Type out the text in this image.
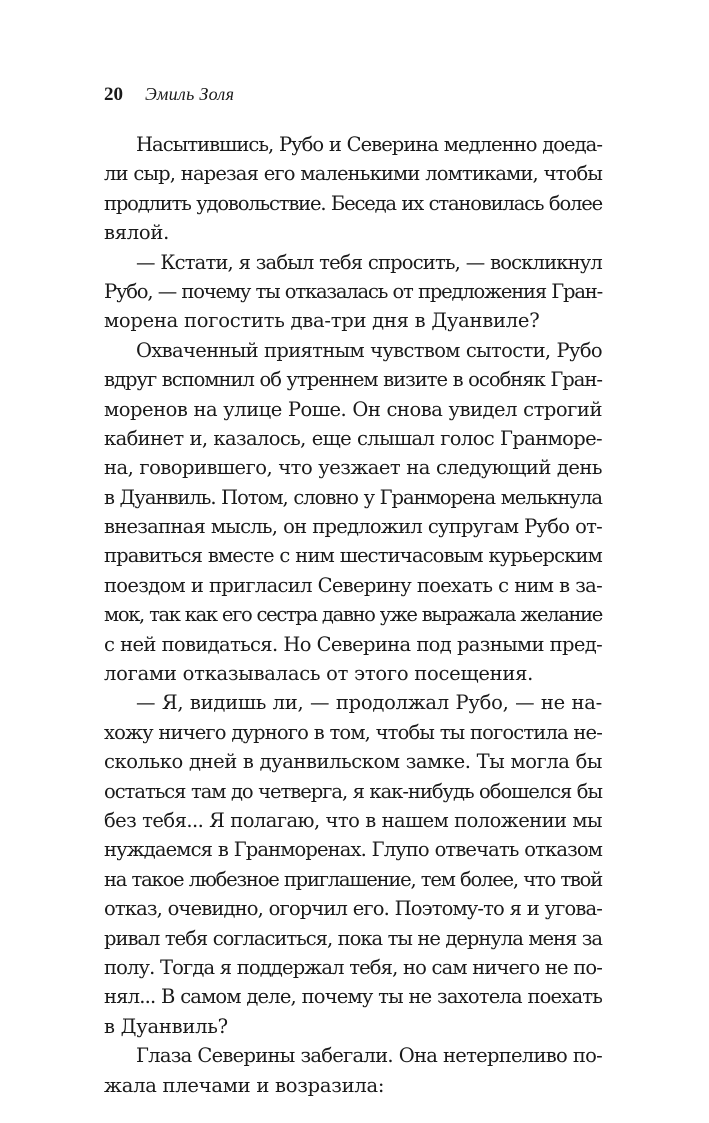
20 Эмиль Золя
Насытившись, Рубо и Северина медленно доеда-
ли сыр, нарезая его маленькими ломтиками, чтобы
продлить удовольствие. Беседа их становилась более
вялой.
— Кстати, я забыл тебя спросить, — воскликнул
Рубо, — почему ты отказалась от предложения Гран-
морена погостить два-три дня в Дуанвиле?
Охваченный приятным чувством сытости, Рубо
вдруг вспомнил об утреннем визите в особняк Гран-
моренов на улице Роше. Он снова увидел строгий
кабинет и, казалось, еще слышал голос Гранморе-
на, говорившего, что уезжает на следующий день
в Дуанвиль. Потом, словно у Гранморена мелькнула
внезапная мысль, он предложил супругам Рубо от-
правиться вместе с ним шестичасовым курьерским
поездом и пригласил Северину поехать с ним в за-
мок, так как его сестра давно уже выражала желание
с ней повидаться. Но Северина под разными пред-
логами отказывалась от этого посещения.
— Я, видишь ли, — продолжал Рубо, — не на-
хожу ничего дурного в том, чтобы ты погостила не-
сколько дней в дуанвильском замке. Ты могла бы
остаться там до четверга, я как-нибудь обошелся бы
без тебя... Я полагаю, что в нашем положении мы
нуждаемся в Гранморенах. Глупо отвечать отказом
на такое любезное приглашение, тем более, что твой
отказ, очевидно, огорчил его. Поэтому-то я и угова-
ривал тебя согласиться, пока ты не дернула меня за
полу. Тогда я поддержал тебя, но сам ничего не по-
нял... В самом деле, почему ты не захотела поехать
в Дуанвиль?
Глаза Северины забегали. Она нетерпеливо по-
жала плечами и возразила:
